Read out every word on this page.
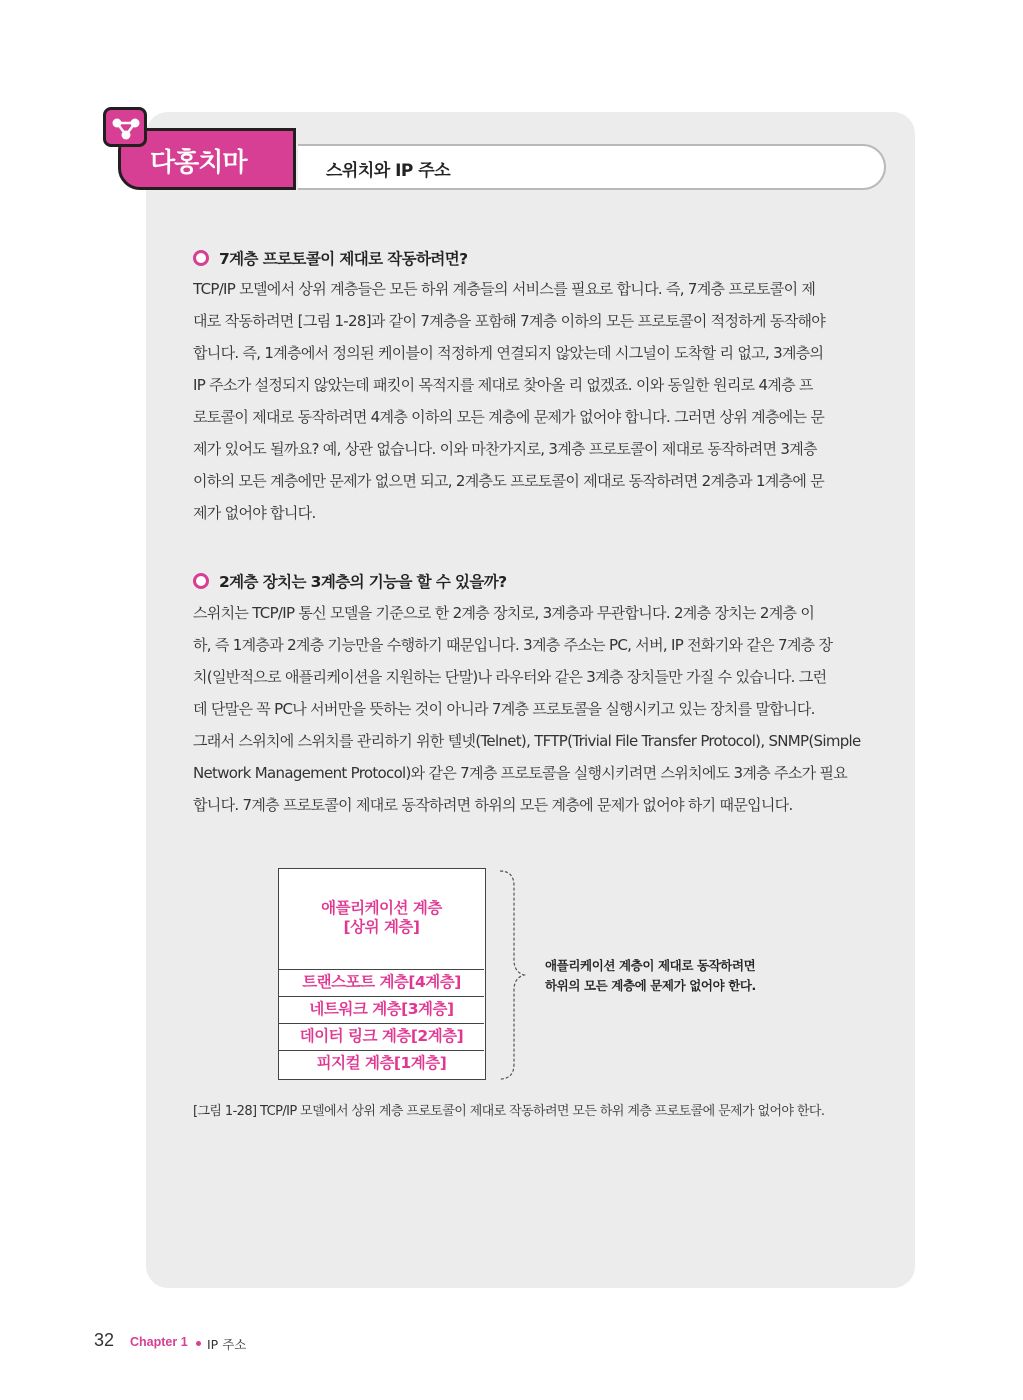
스위치와 IP 주소
다홍치마
7계층 프로토콜이 제대로 작동하려면?
TCP/IP 모델에서 상위 계층들은 모든 하위 계층들의 서비스를 필요로 합니다. 즉, 7계층 프로토콜이 제
대로 작동하려면 [그림 1-28]과 같이 7계층을 포함해 7계층 이하의 모든 프로토콜이 적정하게 동작해야
합니다. 즉, 1계층에서 정의된 케이블이 적정하게 연결되지 않았는데 시그널이 도착할 리 없고, 3계층의
IP 주소가 설정되지 않았는데 패킷이 목적지를 제대로 찾아올 리 없겠죠. 이와 동일한 원리로 4계층 프
로토콜이 제대로 동작하려면 4계층 이하의 모든 계층에 문제가 없어야 합니다. 그러면 상위 계층에는 문
제가 있어도 될까요? 예, 상관 없습니다. 이와 마찬가지로, 3계층 프로토콜이 제대로 동작하려면 3계층
이하의 모든 계층에만 문제가 없으면 되고, 2계층도 프로토콜이 제대로 동작하려면 2계층과 1계층에 문
제가 없어야 합니다.
2계층 장치는 3계층의 기능을 할 수 있을까?
스위치는 TCP/IP 통신 모델을 기준으로 한 2계층 장치로, 3계층과 무관합니다. 2계층 장치는 2계층 이
하, 즉 1계층과 2계층 기능만을 수행하기 때문입니다. 3계층 주소는 PC, 서버, IP 전화기와 같은 7계층 장
치(일반적으로 애플리케이션을 지원하는 단말)나 라우터와 같은 3계층 장치들만 가질 수 있습니다. 그런
데 단말은 꼭 PC나 서버만을 뜻하는 것이 아니라 7계층 프로토콜을 실행시키고 있는 장치를 말합니다.
그래서 스위치에 스위치를 관리하기 위한 텔넷(Telnet), TFTP(Trivial File Transfer Protocol), SNMP(Simple
Network Management Protocol)와 같은 7계층 프로토콜을 실행시키려면 스위치에도 3계층 주소가 필요
합니다. 7계층 프로토콜이 제대로 동작하려면 하위의 모든 계층에 문제가 없어야 하기 때문입니다.
애플리케이션 계층
[상위 계층]
트랜스포트 계층[4계층]
네트워크 계층[3계층]
데이터 링크 계층[2계층]
피지컬 계층[1계층]
애플리케이션 계층이 제대로 동작하려면
하위의 모든 계층에 문제가 없어야 한다.
[그림 1-28] TCP/IP 모델에서 상위 계층 프로토콜이 제대로 작동하려면 모든 하위 계층 프로토콜에 문제가 없어야 한다.
32 Chapter 1 IP 주소
